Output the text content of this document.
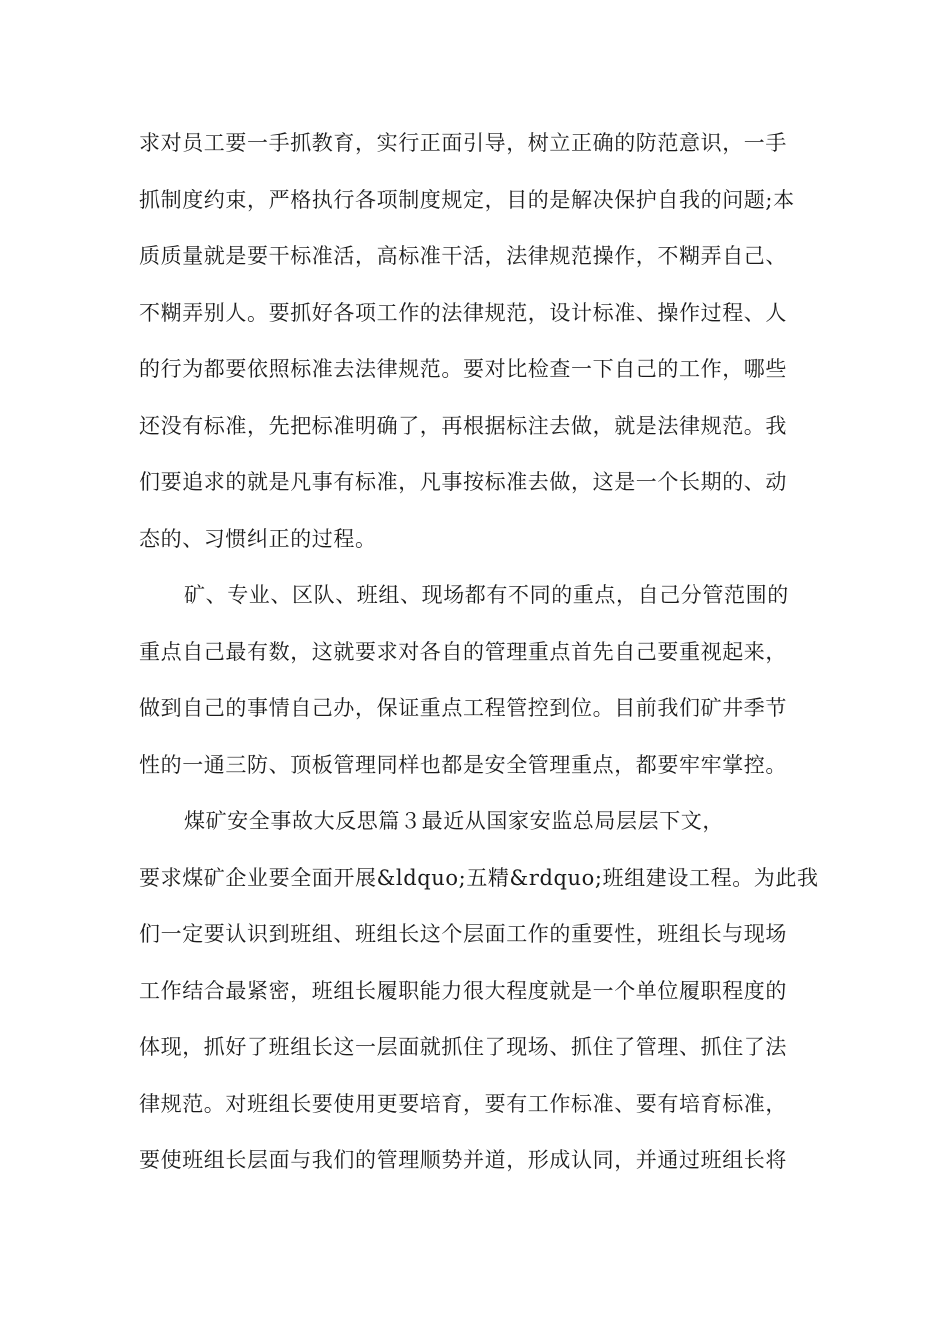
求对员工要一手抓教育，实行正面引导，树立正确的防范意识，一手
抓制度约束，严格执行各项制度规定，目的是解决保护自我的问题;本
质质量就是要干标准活，高标准干活，法律规范操作，不糊弄自己、
不糊弄别人。要抓好各项工作的法律规范，设计标准、操作过程、人
的行为都要依照标准去法律规范。要对比检查一下自己的工作，哪些
还没有标准，先把标准明确了，再根据标注去做，就是法律规范。我
们要追求的就是凡事有标准，凡事按标准去做，这是一个长期的、动
态的、习惯纠正的过程。
矿、专业、区队、班组、现场都有不同的重点，自己分管范围的
重点自己最有数，这就要求对各自的管理重点首先自己要重视起来，
做到自己的事情自己办，保证重点工程管控到位。目前我们矿井季节
性的一通三防、顶板管理同样也都是安全管理重点，都要牢牢掌控。
煤矿安全事故大反思篇３最近从国家安监总局层层下文，
要求煤矿企业要全面开展&ldquo;五精&rdquo;班组建设工程。为此我
们一定要认识到班组、班组长这个层面工作的重要性，班组长与现场
工作结合最紧密，班组长履职能力很大程度就是一个单位履职程度的
体现，抓好了班组长这一层面就抓住了现场、抓住了管理、抓住了法
律规范。对班组长要使用更要培育，要有工作标准、要有培育标准，
要使班组长层面与我们的管理顺势并道，形成认同，并通过班组长将
